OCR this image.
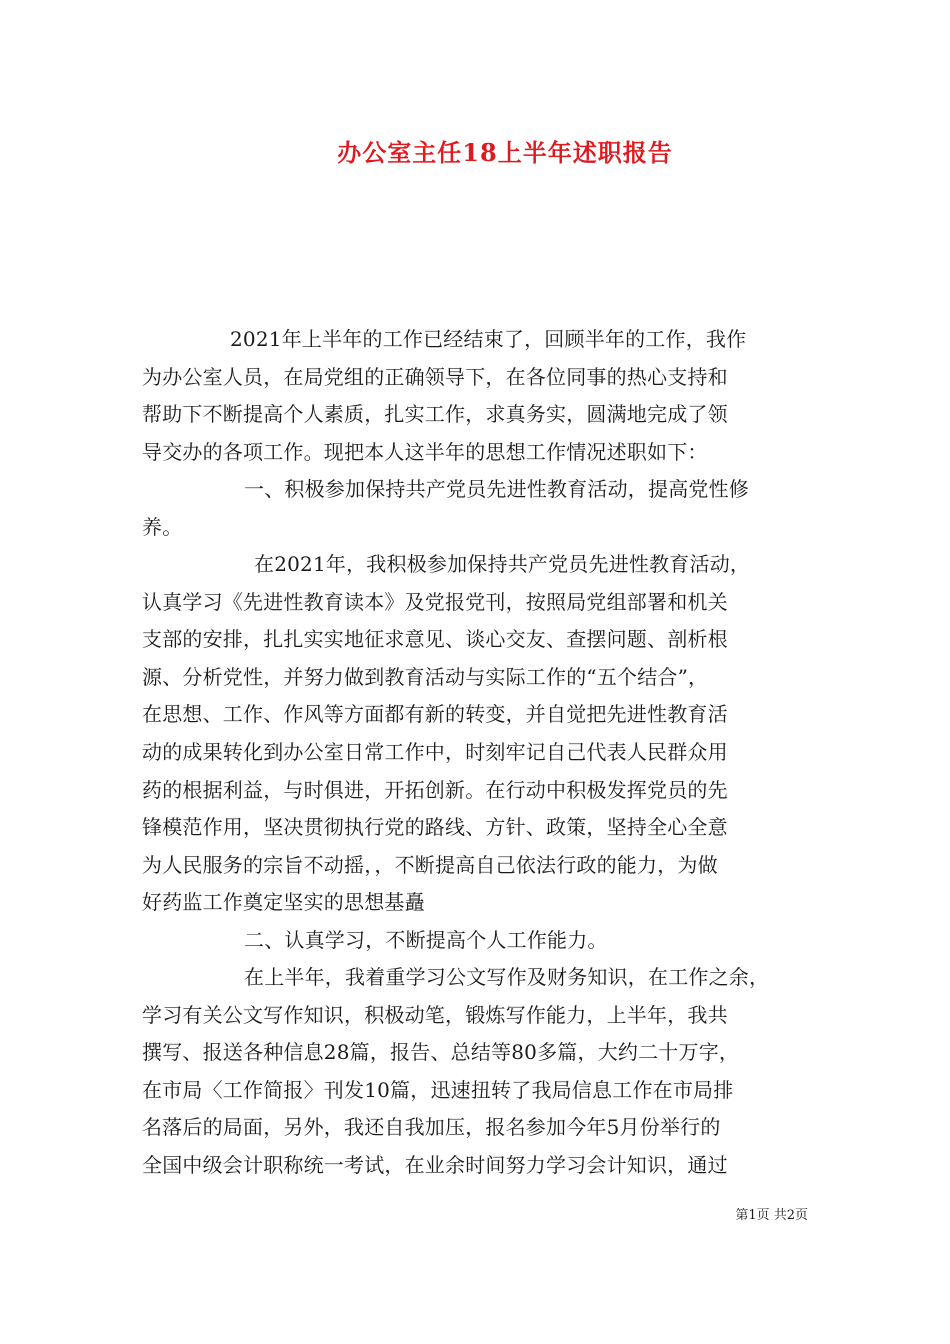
办公室主任18上半年述职报告
2021年上半年的工作已经结束了，回顾半年的工作，我作
为办公室人员，在局党组的正确领导下，在各位同事的热心支持和
帮助下不断提高个人素质，扎实工作，求真务实，圆满地完成了领
导交办的各项工作。现把本人这半年的思想工作情况述职如下：
一、积极参加保持共产党员先进性教育活动，提高党性修
养。
在2021年，我积极参加保持共产党员先进性教育活动，
认真学习《先进性教育读本》及党报党刊，按照局党组部署和机关
支部的安排，扎扎实实地征求意见、谈心交友、查摆问题、剖析根
源、分析党性，并努力做到教育活动与实际工作的“五个结合”，
在思想、工作、作风等方面都有新的转变，并自觉把先进性教育活
动的成果转化到办公室日常工作中，时刻牢记自己代表人民群众用
药的根据利益，与时俱进，开拓创新。在行动中积极发挥党员的先
锋模范作用，坚决贯彻执行党的路线、方针、政策，坚持全心全意
为人民服务的宗旨不动摇，，不断提高自己依法行政的能力，为做
好药监工作奠定坚实的思想基矗
二、认真学习，不断提高个人工作能力。
在上半年，我着重学习公文写作及财务知识，在工作之余，
学习有关公文写作知识，积极动笔，锻炼写作能力，上半年，我共
撰写、报送各种信息28篇，报告、总结等80多篇，大约二十万字，
在市局〈工作简报〉刊发10篇，迅速扭转了我局信息工作在市局排
名落后的局面，另外，我还自我加压，报名参加今年5月份举行的
全国中级会计职称统一考试，在业余时间努力学习会计知识，通过
第1页 共2页
